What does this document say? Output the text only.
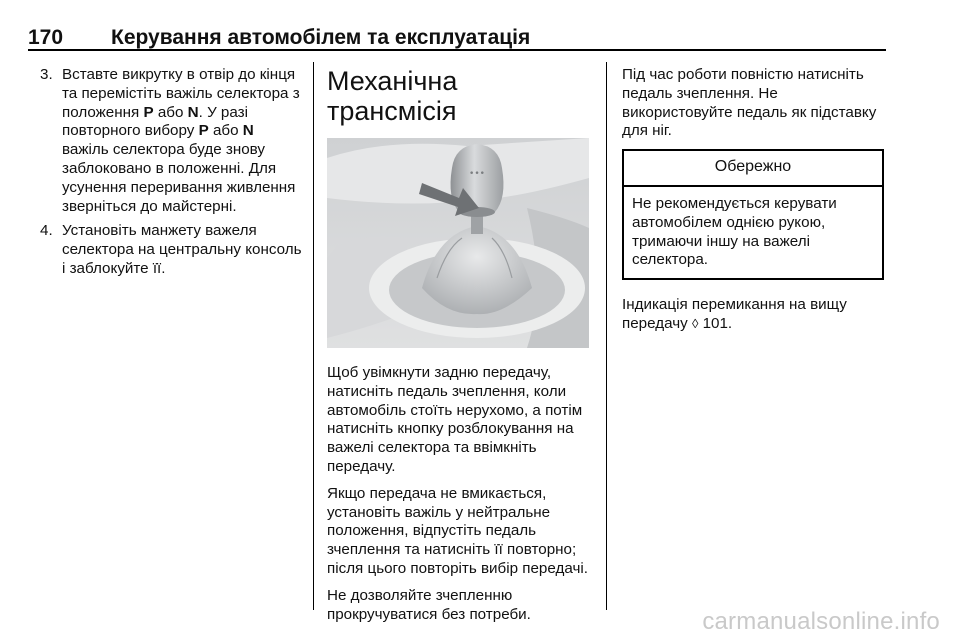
170 Керування автомобілем та експлуатація
3. Вставте викрутку в отвір до кінця та перемістіть важіль селектора з положення P або N. У разі повторного вибору P або N важіль селектора буде знову заблоковано в положенні. Для усунення переривання живлення зверніться до майстерні.
4. Установіть манжету важеля селектора на центральну консоль і заблокуйте її.
Механічна трансмісія
•••

Щоб увімкнути задню передачу, натисніть педаль зчеплення, коли автомобіль стоїть нерухомо, а потім натисніть кнопку розблокування на важелі селектора та ввімкніть передачу.

Якщо передача не вмикається, установіть важіль у нейтральне положення, відпустіть педаль зчеплення та натисніть її повторно; після цього повторіть вибір передачі.

Не дозволяйте зчепленню прокручуватися без потреби.

Під час роботи повністю натисніть педаль зчеплення. Не використовуйте педаль як підставку для ніг.

Обережно
Не рекомендується керувати автомобілем однією рукою, тримаючи іншу на важелі селектора.

Індикація перемикання на вищу передачу ◊ 101.

carmanualsonline.info
